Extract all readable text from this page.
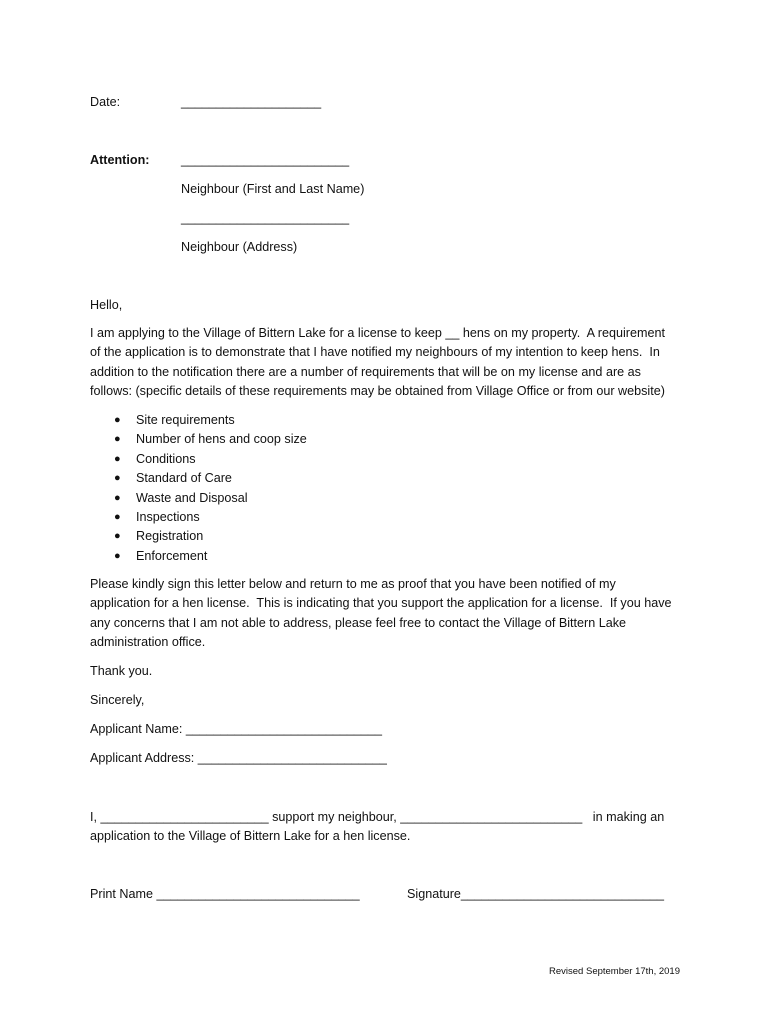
Date:	____________________
Attention:	________________________
Neighbour (First and Last Name)
________________________
Neighbour (Address)
Hello,
I am applying to the Village of Bittern Lake for a license to keep __ hens on my property.  A requirement
of the application is to demonstrate that I have notified my neighbours of my intention to keep hens.  In
addition to the notification there are a number of requirements that will be on my license and are as
follows: (specific details of these requirements may be obtained from Village Office or from our website)
● Site requirements
● Number of hens and coop size
● Conditions
● Standard of Care
● Waste and Disposal
● Inspections
● Registration
● Enforcement
Please kindly sign this letter below and return to me as proof that you have been notified of my
application for a hen license.  This is indicating that you support the application for a license.  If you have
any concerns that I am not able to address, please feel free to contact the Village of Bittern Lake
administration office.
Thank you.
Sincerely,
Applicant Name: ____________________________
Applicant Address: ___________________________
I, ________________________ support my neighbour, __________________________   in making an
application to the Village of Bittern Lake for a hen license.
Print Name _____________________________	Signature_____________________________
Revised September 17th, 2019
